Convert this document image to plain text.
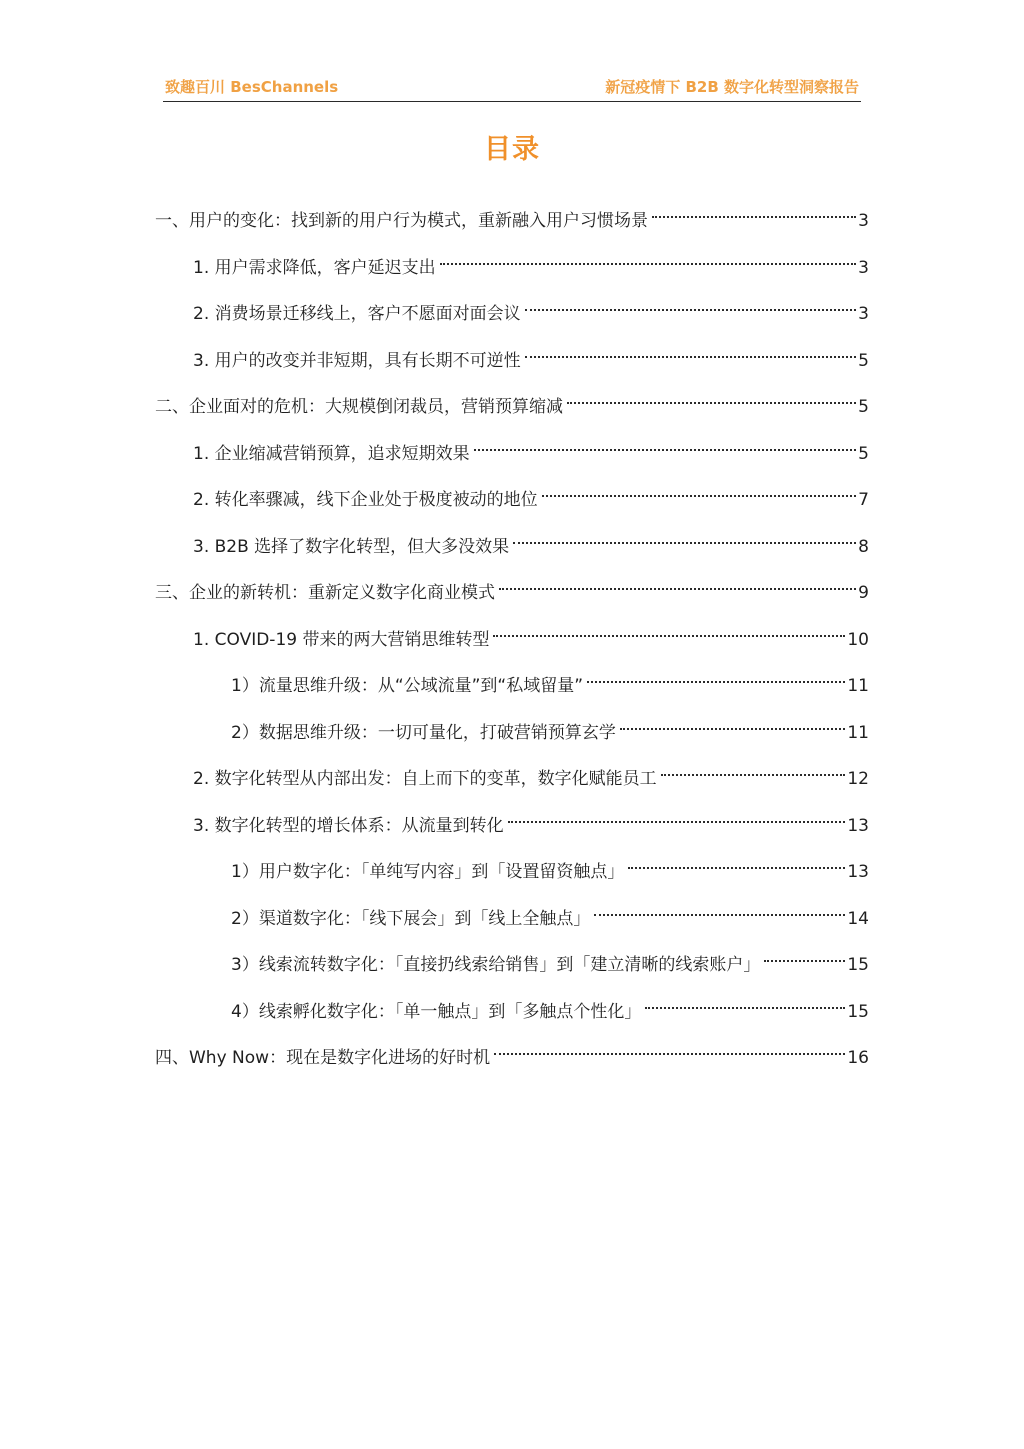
致趣百川 BesChannels	新冠疫情下 B2B 数字化转型洞察报告
目录
一、用户的变化：找到新的用户行为模式，重新融入用户习惯场景	3
1. 用户需求降低，客户延迟支出	3
2. 消费场景迁移线上，客户不愿面对面会议	3
3. 用户的改变并非短期，具有长期不可逆性	5
二、企业面对的危机：大规模倒闭裁员，营销预算缩减	5
1. 企业缩减营销预算，追求短期效果	5
2. 转化率骤减，线下企业处于极度被动的地位	7
3. B2B 选择了数字化转型，但大多没效果	8
三、企业的新转机：重新定义数字化商业模式	9
1. COVID-19 带来的两大营销思维转型	10
1）流量思维升级：从“公域流量”到“私域留量”	11
2）数据思维升级：一切可量化，打破营销预算玄学	11
2. 数字化转型从内部出发：自上而下的变革，数字化赋能员工	12
3. 数字化转型的增长体系：从流量到转化	13
1）用户数字化：「单纯写内容」到「设置留资触点」	13
2）渠道数字化：「线下展会」到「线上全触点」	14
3）线索流转数字化：「直接扔线索给销售」到「建立清晰的线索账户」	15
4）线索孵化数字化：「单一触点」到「多触点个性化」	15
四、Why Now：现在是数字化进场的好时机	16
